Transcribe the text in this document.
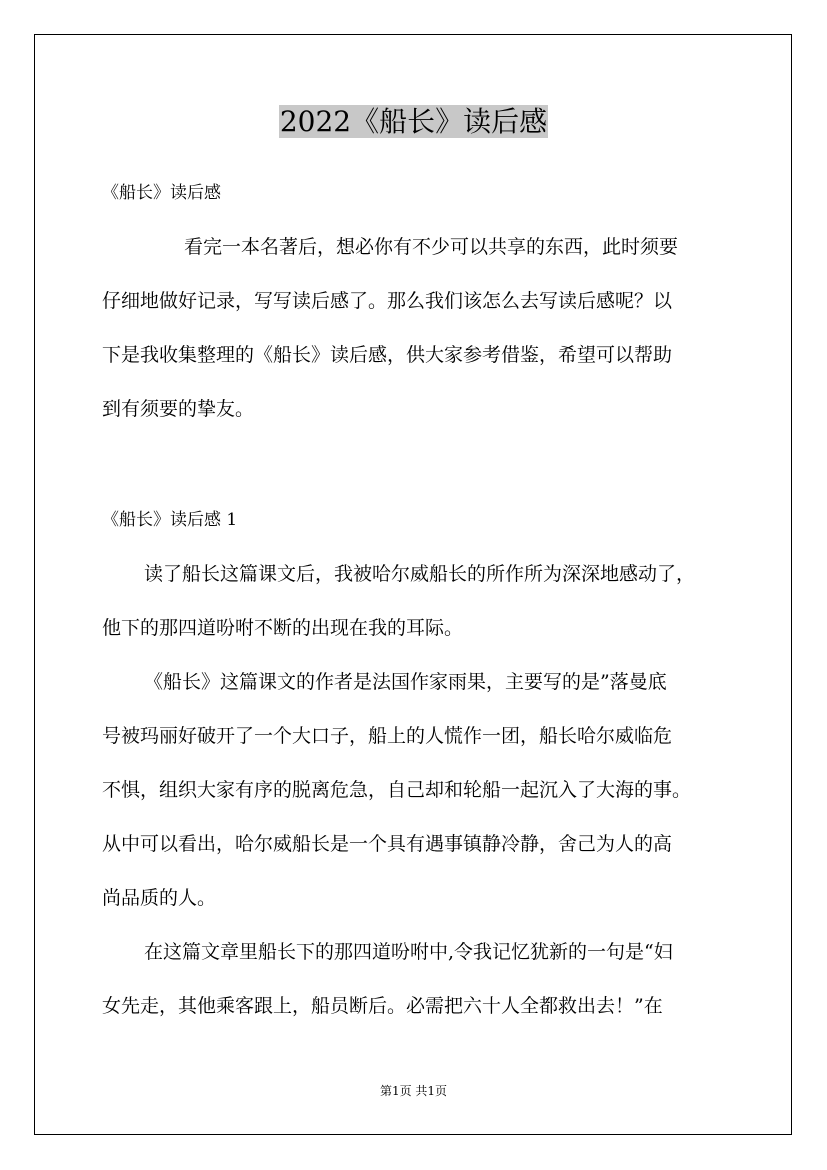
2022《船长》读后感
《船长》读后感
看完一本名著后，想必你有不少可以共享的东西，此时须要
仔细地做好记录，写写读后感了。那么我们该怎么去写读后感呢？以
下是我收集整理的《船长》读后感，供大家参考借鉴，希望可以帮助
到有须要的挚友。
《船长》读后感 1
读了船长这篇课文后，我被哈尔威船长的所作所为深深地感动了，
他下的那四道吩咐不断的出现在我的耳际。
《船长》这篇课文的作者是法国作家雨果，主要写的是”落曼底
号被玛丽好破开了一个大口子，船上的人慌作一团，船长哈尔威临危
不惧，组织大家有序的脱离危急，自己却和轮船一起沉入了大海的事。
从中可以看出，哈尔威船长是一个具有遇事镇静冷静，舍己为人的高
尚品质的人。
在这篇文章里船长下的那四道吩咐中,令我记忆犹新的一句是“妇
女先走，其他乘客跟上，船员断后。必需把六十人全都救出去！”在
第1页 共1页
